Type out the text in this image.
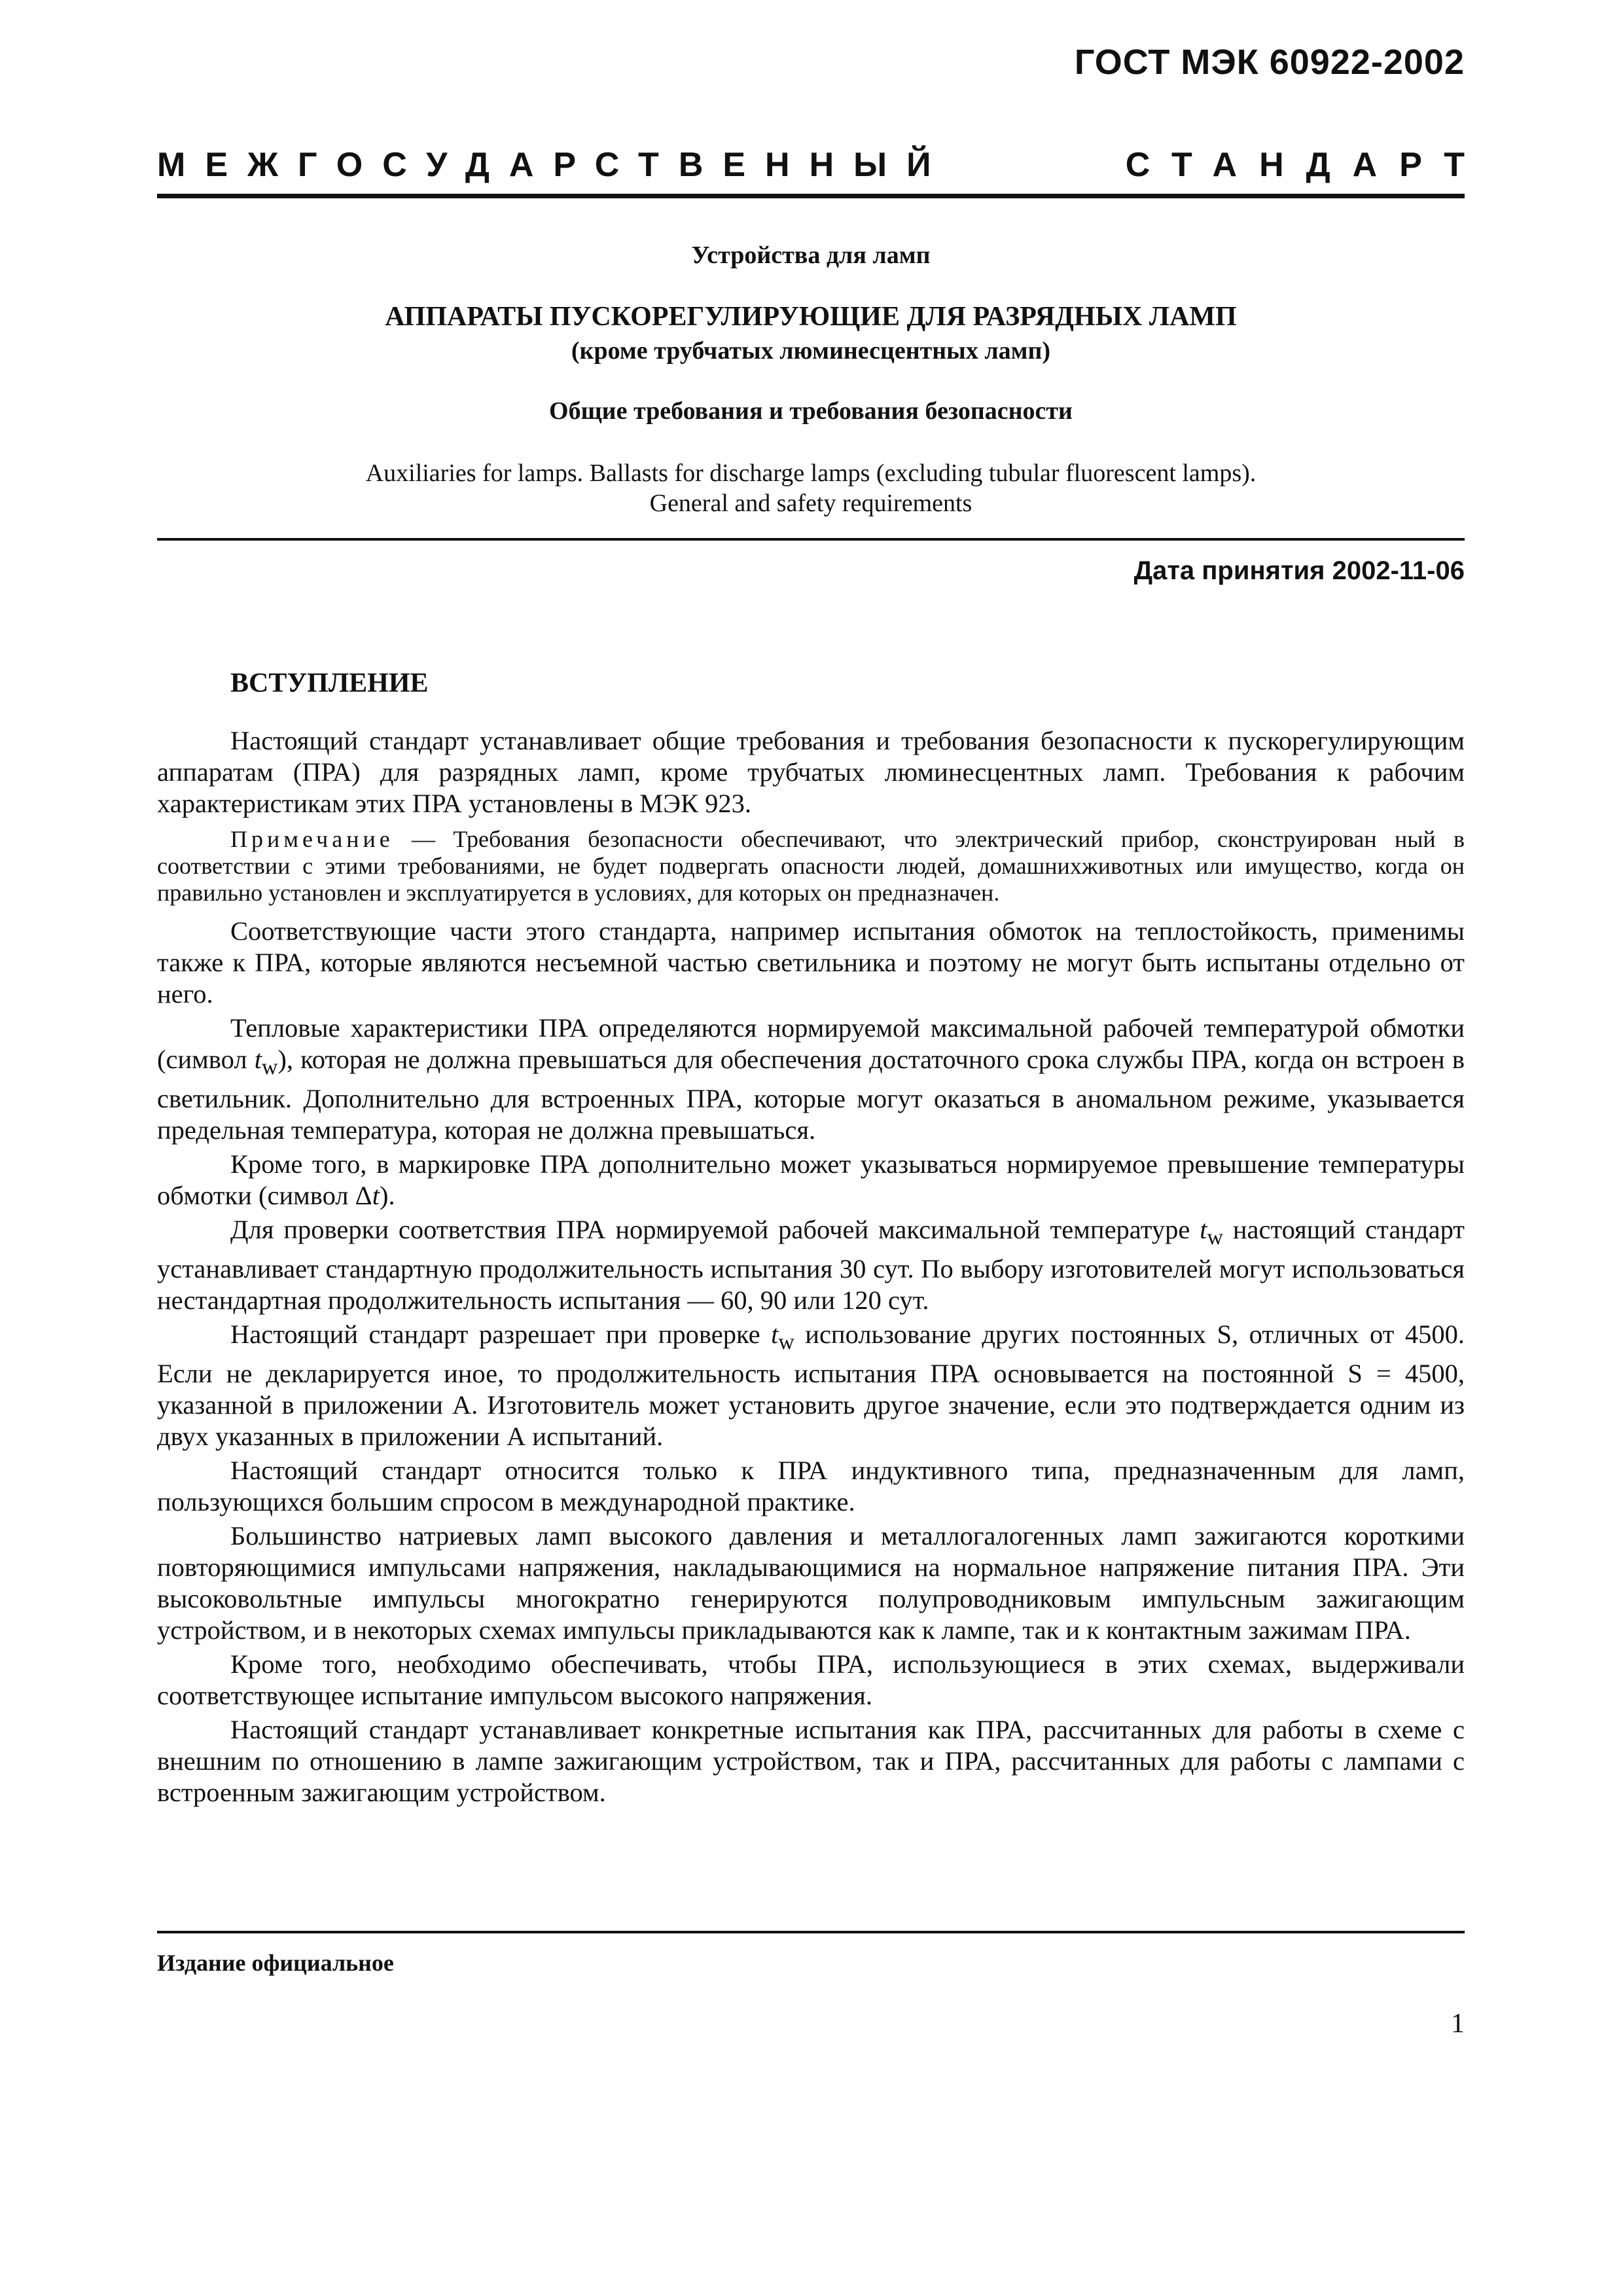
ГОСТ МЭК 60922-2002
МЕЖГОСУДАРСТВЕННЫЙ	СТАНДАРТ
Устройства для ламп
АППАРАТЫ ПУСКОРЕГУЛИРУЮЩИЕ ДЛЯ РАЗРЯДНЫХ ЛАМП
(кроме трубчатых люминесцентных ламп)
Общие требования и требования безопасности
Auxiliaries for lamps. Ballasts for discharge lamps (excluding tubular fluorescent lamps).
General and safety requirements
Дата принятия 2002-11-06
ВСТУПЛЕНИЕ

Настоящий стандарт устанавливает общие требования и требования безопасности к пускорегулирующим аппаратам (ПРА) для разрядных ламп, кроме трубчатых люминесцентных ламп. Требования к рабочим характеристикам этих ПРА установлены в МЭК 923.

Примечание — Требования безопасности обеспечивают, что электрический прибор, сконструирован ный в соответствии с этими требованиями, не будет подвергать опасности людей, домашнихживотных или имущество, когда он правильно установлен и эксплуатируется в условиях, для которых он предназначен.

Соответствующие части этого стандарта, например испытания обмоток на теплостойкость, применимы также к ПРА, которые являются несъемной частью светильника и поэтому не могут быть испытаны отдельно от него.

Тепловые характеристики ПРА определяются нормируемой максимальной рабочей температурой обмотки (символ $t_w$), которая не должна превышаться для обеспечения достаточного срока службы ПРА, когда он встроен в светильник. Дополнительно для встроенных ПРА, которые могут оказаться в аномальном режиме, указывается предельная температура, которая не должна превышаться.

Кроме того, в маркировке ПРА дополнительно может указываться нормируемое превышение температуры обмотки (символ Δt).

Для проверки соответствия ПРА нормируемой рабочей максимальной температуре $t_w$ настоящий стандарт устанавливает стандартную продолжительность испытания 30 сут. По выбору изготовителей могут использоваться нестандартная продолжительность испытания — 60, 90 или 120 сут.

Настоящий стандарт разрешает при проверке $t_w$ использование других постоянных S, отличных от 4500. Если не декларируется иное, то продолжительность испытания ПРА основывается на постоянной S = 4500, указанной в приложении А. Изготовитель может установить другое значение, если это подтверждается одним из двух указанных в приложении А испытаний.

Настоящий стандарт относится только к ПРА индуктивного типа, предназначенным для ламп, пользующихся большим спросом в международной практике.

Большинство натриевых ламп высокого давления и металлогалогенных ламп зажигаются короткими повторяющимися импульсами напряжения, накладывающимися на нормальное напряжение питания ПРА. Эти высоковольтные импульсы многократно генерируются полупроводниковым импульсным зажигающим устройством, и в некоторых схемах импульсы прикладываются как к лампе, так и к контактным зажимам ПРА.

Кроме того, необходимо обеспечивать, чтобы ПРА, использующиеся в этих схемах, выдерживали соответствующее испытание импульсом высокого напряжения.

Настоящий стандарт устанавливает конкретные испытания как ПРА, рассчитанных для работы в схеме с внешним по отношению в лампе зажигающим устройством, так и ПРА, рассчитанных для работы с лампами с встроенным зажигающим устройством.

Издание официальное
1
